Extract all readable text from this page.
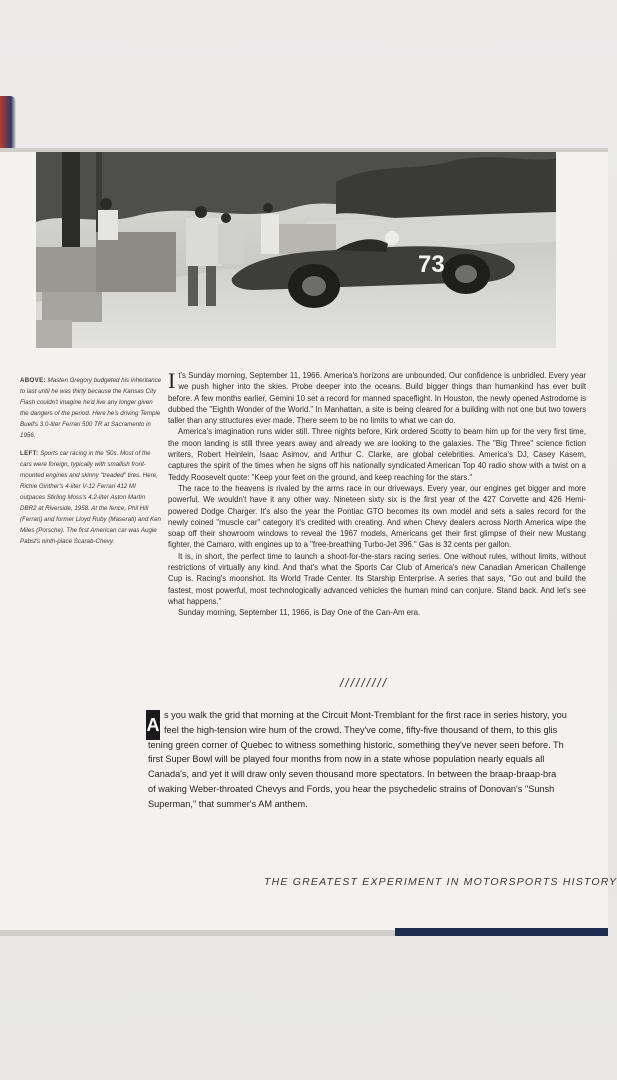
73

ABOVE: Masten Gregory budgeted his inheritance to last until he was thirty because the Kansas City Flash couldn't imagine he'd live any longer given the dangers of the period. Here he's driving Temple Buell's 3.0-liter Ferrari 500 TR at Sacramento in 1956.

LEFT: Sports car racing in the '50s. Most of the cars were foreign, typically with smallish front-mounted engines and skinny "treaded" tires. Here, Richie Ginther's 4-liter V-12 Ferrari 412 MI outpaces Stirling Moss's 4.2-liter Aston Martin DBR2 at Riverside, 1958. At the fence, Phil Hill (Ferrari) and former Lloyd Ruby (Maserati) and Ken Miles (Porsche). The first American car was Augie Pabst's ninth-place Scarab-Chevy.

It's Sunday morning, September 11, 1966. America's horizons are unbounded. Our confidence is unbridled. Every year we push higher into the skies. Probe deeper into the oceans. Build bigger things than humankind has ever built before. A few months earlier, Gemini 10 set a record for manned spaceflight. In Houston, the newly opened Astrodome is dubbed the "Eighth Wonder of the World." In Manhattan, a site is being cleared for a building with not one but two towers taller than any structures ever made. There seem to be no limits to what we can do.

America's imagination runs wider still. Three nights before, Kirk ordered Scotty to beam him up for the very first time, the moon landing is still three years away and already we are looking to the galaxies. The "Big Three" science fiction writers, Robert Heinlein, Isaac Asimov, and Arthur C. Clarke, are global celebrities. America's DJ, Casey Kasem, captures the spirit of the times when he signs off his nationally syndicated American Top 40 radio show with a twist on a Teddy Roosevelt quote: "Keep your feet on the ground, and keep reaching for the stars."

The race to the heavens is rivaled by the arms race in our driveways. Every year, our engines get bigger and more powerful. We wouldn't have it any other way. Nineteen sixty six is the first year of the 427 Corvette and 426 Hemi-powered Dodge Charger. It's also the year the Pontiac GTO becomes its own model and sets a sales record for the newly coined "muscle car" category it's credited with creating. And when Chevy dealers across North America wipe the soap off their showroom windows to reveal the 1967 models, Americans get their first glimpse of their new Mustang fighter, the Camaro, with engines up to a "free-breathing Turbo-Jet 396." Gas is 32 cents per gallon.

It is, in short, the perfect time to launch a shoot-for-the-stars racing series. One without rules, without limits, without restrictions of virtually any kind. And that's what the Sports Car Club of America's new Canadian American Challenge Cup is. Racing's moonshot. Its World Trade Center. Its Starship Enterprise. A series that says, "Go out and build the fastest, most powerful, most technologically advanced vehicles the human mind can conjure. Stand back. And let's see what happens."

Sunday morning, September 11, 1966, is Day One of the Can-Am era.

/////////
A s you walk the grid that morning at the Circuit Mont-Tremblant for the first race in series history, you
feel the high-tension wire hum of the crowd. They've come, fifty-five thousand of them, to this glis
tening green corner of Quebec to witness something historic, something they've never seen before. Th
first Super Bowl will be played four months from now in a state whose population nearly equals all
Canada's, and yet it will draw only seven thousand more spectators. In between the braap-braap-bra
of waking Weber-throated Chevys and Fords, you hear the psychedelic strains of Donovan's "Sunsh
Superman," that summer's AM anthem.
THE GREATEST EXPERIMENT IN MOTORSPORTS HISTORY
